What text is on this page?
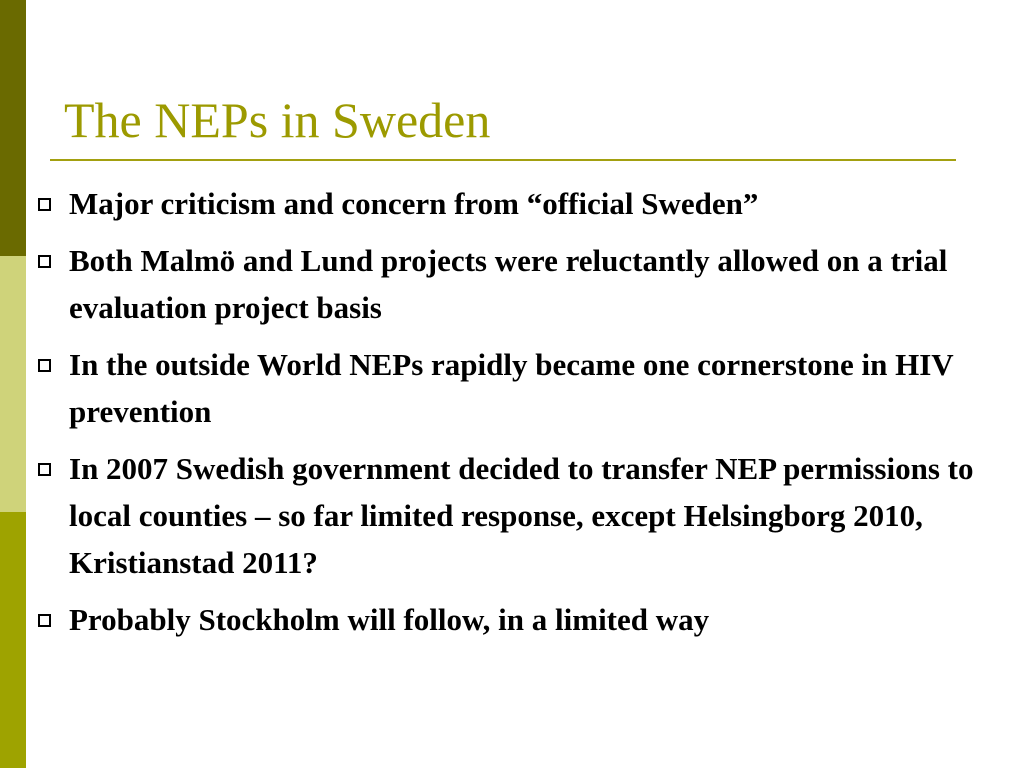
The NEPs in Sweden
Major criticism and concern from “official Sweden”
Both Malmö and Lund projects were reluctantly allowed on a trial evaluation project basis
In the outside World NEPs rapidly became one cornerstone in HIV prevention
In 2007 Swedish government decided to transfer NEP permissions to local counties – so far limited response, except Helsingborg 2010, Kristianstad 2011?
Probably Stockholm will follow, in a limited way
